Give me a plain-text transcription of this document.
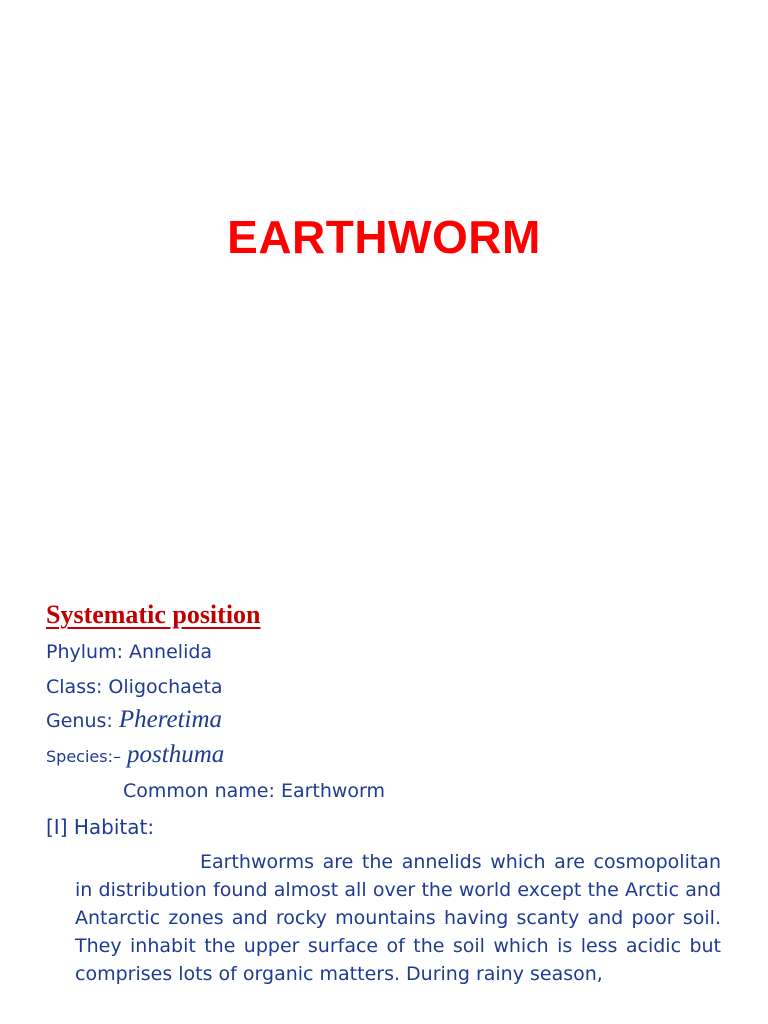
EARTHWORM
Systematic position
Phylum: Annelida
Class: Oligochaeta
Genus: Pheretima
Species:– posthuma
Common name: Earthworm
[I] Habitat:
Earthworms are the annelids which are cosmopolitan in distribution found almost all over the world except the Arctic and Antarctic zones and rocky mountains having scanty and poor soil. They inhabit the upper surface of the soil which is less acidic but comprises lots of organic matters. During rainy season,
